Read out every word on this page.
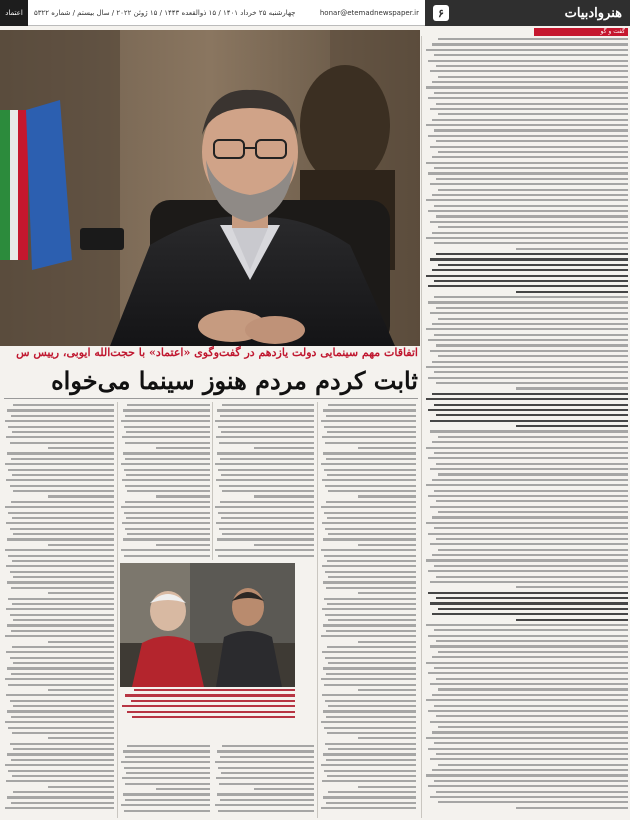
اعتماد چهارشنبه ۲۵ خرداد ۱۴۰۱ / ۱۵ ذوالقعده ۱۴۴۳ / ۱۵ ژوئن ۲۰۲۲ / سال بیستم / شماره ۵۳۲۲	honar@etemadnewspaper.ir	۶	هنروادبیات
گفت و گو
اتفاقات مهم سینمایی دولت یازدهم در گفت‌وگوی «اعتماد» با حجت‌الله ایوبی، رییس س
ثابت کردم مردم هنوز سینما می‌خواه
